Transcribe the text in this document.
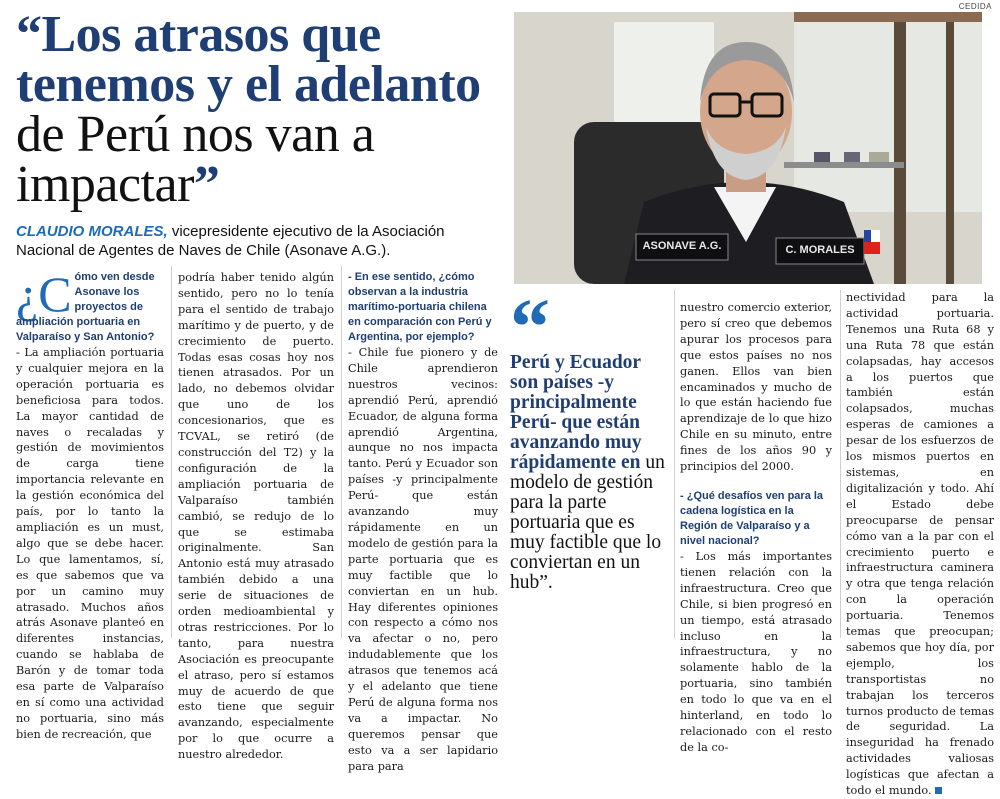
“Los atrasos que tenemos y el adelanto de Perú nos van a impactar”
CLAUDIO MORALES, vicepresidente ejecutivo de la Asociación Nacional de Agentes de Naves de Chile (Asonave A.G.).	ASONAVE A.G.	C. MORALES
CEDIDA
¿C ómo ven desde Asonave los proyectos de ampliación portuaria en Valparaíso y San Antonio?

- La ampliación portuaria y cualquier mejora en la operación portuaria es beneficiosa para todos. La mayor cantidad de naves o recaladas y gestión de movimientos de carga tiene importancia relevante en la gestión económica del país, por lo tanto la ampliación es un must, algo que se debe hacer. Lo que lamentamos, sí, es que sabemos que va por un camino muy atrasado. Muchos años atrás Asonave planteó en diferentes instancias, cuando se hablaba de Barón y de tomar toda esa parte de Valparaíso en sí como una actividad no portuaria, sino más bien de recreación, que

podría haber tenido algún sentido, pero no lo tenía para el sentido de trabajo marítimo y de puerto, y de crecimiento de puerto. Todas esas cosas hoy nos tienen atrasados. Por un lado, no debemos olvidar que uno de los concesionarios, que es TCVAL, se retiró (de construcción del T2) y la configuración de la ampliación portuaria de Valparaíso también cambió, se redujo de lo que se estimaba originalmente. San Antonio está muy atrasado también debido a una serie de situaciones de orden medioambiental y otras restricciones. Por lo tanto, para nuestra Asociación es preocupante el atraso, pero sí estamos muy de acuerdo de que esto tiene que seguir avanzando, especialmente por lo que ocurre a nuestro alrededor.

- En ese sentido, ¿cómo observan a la industria marítimo-portuaria chilena en comparación con Perú y Argentina, por ejemplo?

- Chile fue pionero y de Chile aprendieron nuestros vecinos: aprendió Perú, aprendió Ecuador, de alguna forma aprendió Argentina, aunque no nos impacta tanto. Perú y Ecuador son países -y principalmente Perú- que están avanzando muy rápidamente en un modelo de gestión para la parte portuaria que es muy factible que lo conviertan en un hub. Hay diferentes opiniones con respecto a cómo nos va afectar o no, pero indudablemente que los atrasos que tenemos acá y el adelanto que tiene Perú de alguna forma nos va a impactar. No queremos pensar que esto va a ser lapidario para para

“
Perú y Ecuador son países -y principalmente Perú- que están avanzando muy rápidamente en un modelo de gestión para la parte portuaria que es muy factible que lo conviertan en un hub”.

nuestro comercio exterior, pero sí creo que debemos apurar los procesos para que estos países no nos ganen. Ellos van bien encaminados y mucho de lo que están haciendo fue aprendizaje de lo que hizo Chile en su minuto, entre fines de los años 90 y principios del 2000.

- ¿Qué desafíos ven para la cadena logística en la Región de Valparaíso y a nivel nacional?

- Los más importantes tienen relación con la infraestructura. Creo que Chile, si bien progresó en un tiempo, está atrasado incluso en la infraestructura, y no solamente hablo de la portuaria, sino también en todo lo que va en el hinterland, en todo lo relacionado con el resto de la co-

nectividad para la actividad portuaria. Tenemos una Ruta 68 y una Ruta 78 que están colapsadas, hay accesos a los puertos que también están colapsados, muchas esperas de camiones a pesar de los esfuerzos de los mismos puertos en sistemas, en digitalización y todo. Ahí el Estado debe preocuparse de pensar cómo van a la par con el crecimiento puerto e infraestructura caminera y otra que tenga relación con la operación portuaria. Tenemos temas que preocupan; sabemos que hoy día, por ejemplo, los transportistas no trabajan los terceros turnos producto de temas de seguridad. La inseguridad ha frenado actividades valiosas logísticas que afectan a todo el mundo.
